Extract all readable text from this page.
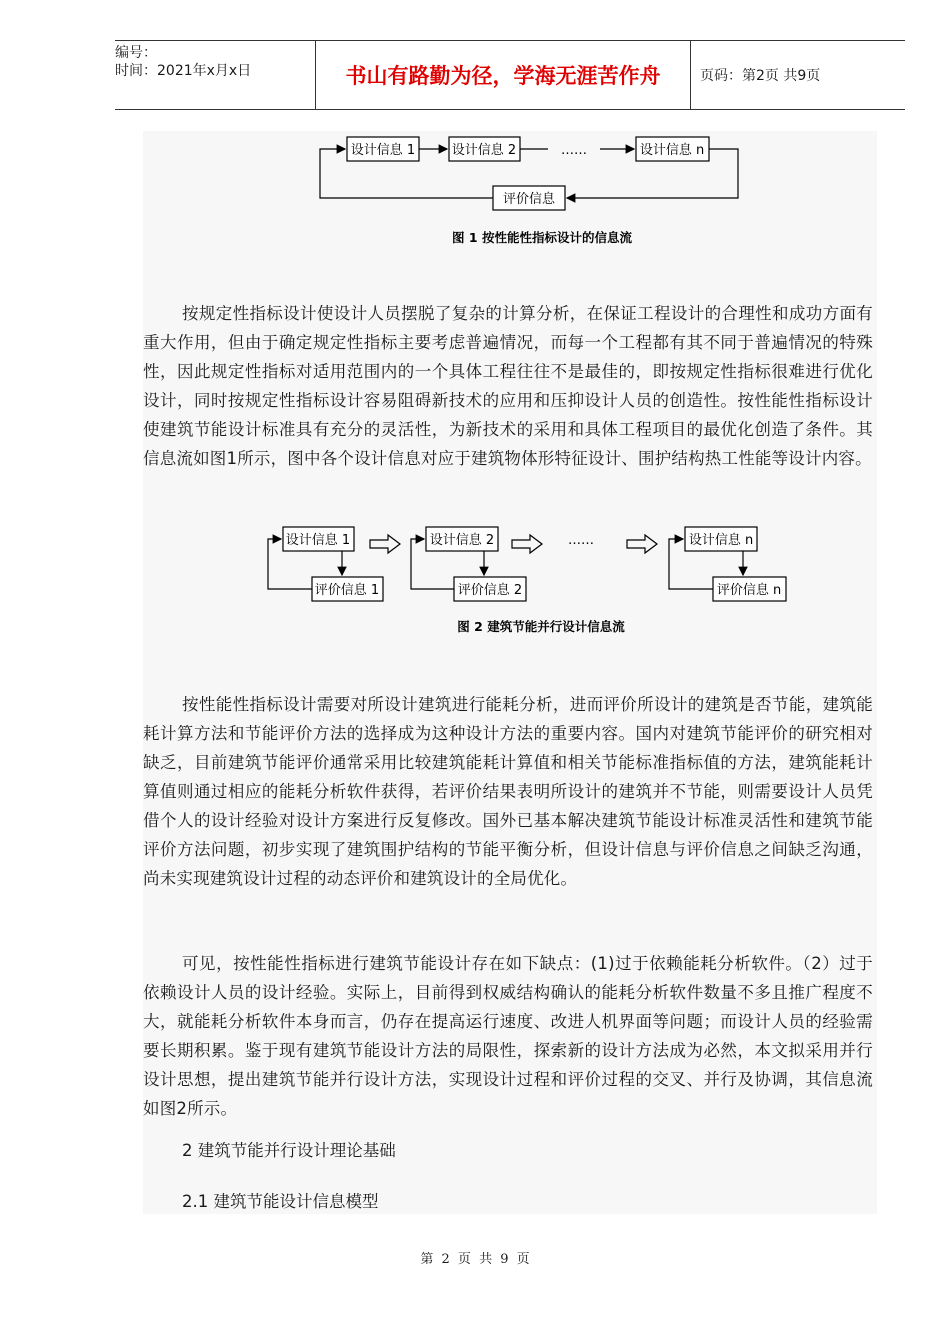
编号：
时间：2021年x月x日	书山有路勤为径，学海无涯苦作舟	页码：第2页 共9页
设计信息 1	设计信息 2	……	设计信息 n
评价信息
图 1 按性能性指标设计的信息流

按规定性指标设计使设计人员摆脱了复杂的计算分析，在保证工程设计的合理性和成功方面有重大作用，但由于确定规定性指标主要考虑普遍情况，而每一个工程都有其不同于普遍情况的特殊性，因此规定性指标对适用范围内的一个具体工程往往不是最佳的，即按规定性指标很难进行优化设计，同时按规定性指标设计容易阻碍新技术的应用和压抑设计人员的创造性。按性能性指标设计使建筑节能设计标准具有充分的灵活性，为新技术的采用和具体工程项目的最优化创造了条件。其信息流如图1所示，图中各个设计信息对应于建筑物体形特征设计、围护结构热工性能等设计内容。

设计信息 1
评价信息 1
设计信息 2
评价信息 2
……	设计信息 n
评价信息 n
图 2 建筑节能并行设计信息流

按性能性指标设计需要对所设计建筑进行能耗分析，进而评价所设计的建筑是否节能，建筑能耗计算方法和节能评价方法的选择成为这种设计方法的重要内容。国内对建筑节能评价的研究相对缺乏，目前建筑节能评价通常采用比较建筑能耗计算值和相关节能标准指标值的方法，建筑能耗计算值则通过相应的能耗分析软件获得，若评价结果表明所设计的建筑并不节能，则需要设计人员凭借个人的设计经验对设计方案进行反复修改。国外已基本解决建筑节能设计标准灵活性和建筑节能评价方法问题，初步实现了建筑围护结构的节能平衡分析，但设计信息与评价信息之间缺乏沟通，尚未实现建筑设计过程的动态评价和建筑设计的全局优化。

可见，按性能性指标进行建筑节能设计存在如下缺点：(1)过于依赖能耗分析软件。（2）过于依赖设计人员的设计经验。实际上，目前得到权威结构确认的能耗分析软件数量不多且推广程度不大，就能耗分析软件本身而言，仍存在提高运行速度、改进人机界面等问题；而设计人员的经验需要长期积累。鉴于现有建筑节能设计方法的局限性，探索新的设计方法成为必然，本文拟采用并行设计思想，提出建筑节能并行设计方法，实现设计过程和评价过程的交叉、并行及协调，其信息流如图2所示。

2 建筑节能并行设计理论基础

2.1 建筑节能设计信息模型

第 2 页 共 9 页
